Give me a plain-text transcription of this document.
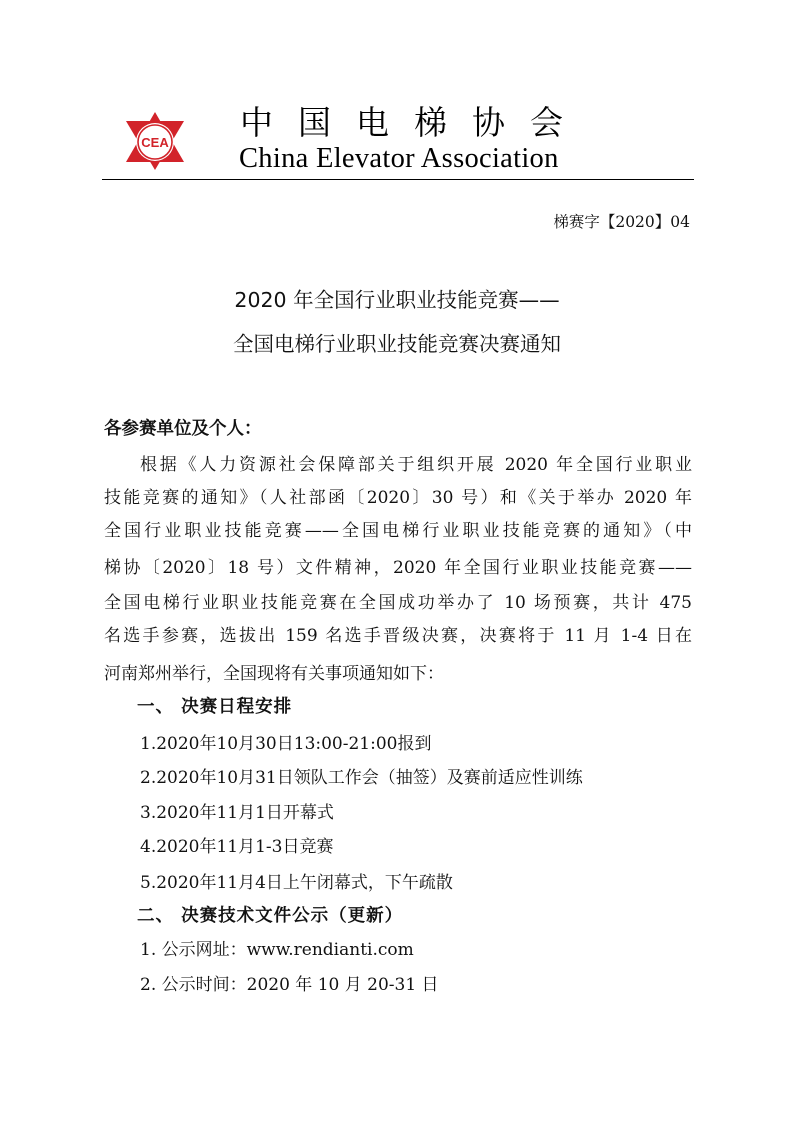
CEA
中国电梯协会
China Elevator Association
梯赛字【2020】04
2020 年全国行业职业技能竞赛——
全国电梯行业职业技能竞赛决赛通知
各参赛单位及个人：
根据《人力资源社会保障部关于组织开展 2020 年全国行业职业
技能竞赛的通知》（人社部函〔2020〕30 号）和《关于举办 2020 年
全国行业职业技能竞赛——全国电梯行业职业技能竞赛的通知》（中
梯协〔2020〕18 号）文件精神，2020 年全国行业职业技能竞赛——
全国电梯行业职业技能竞赛在全国成功举办了 10 场预赛，共计 475
名选手参赛，选拔出 159 名选手晋级决赛，决赛将于 11 月 1-4 日在
河南郑州举行，全国现将有关事项通知如下：
一、 决赛日程安排
1.2020年10月30日13:00-21:00报到
2.2020年10月31日领队工作会（抽签）及赛前适应性训练
3.2020年11月1日开幕式
4.2020年11月1-3日竞赛
5.2020年11月4日上午闭幕式，下午疏散
二、 决赛技术文件公示（更新）
1. 公示网址：www.rendianti.com
2. 公示时间：2020 年 10 月 20-31 日
